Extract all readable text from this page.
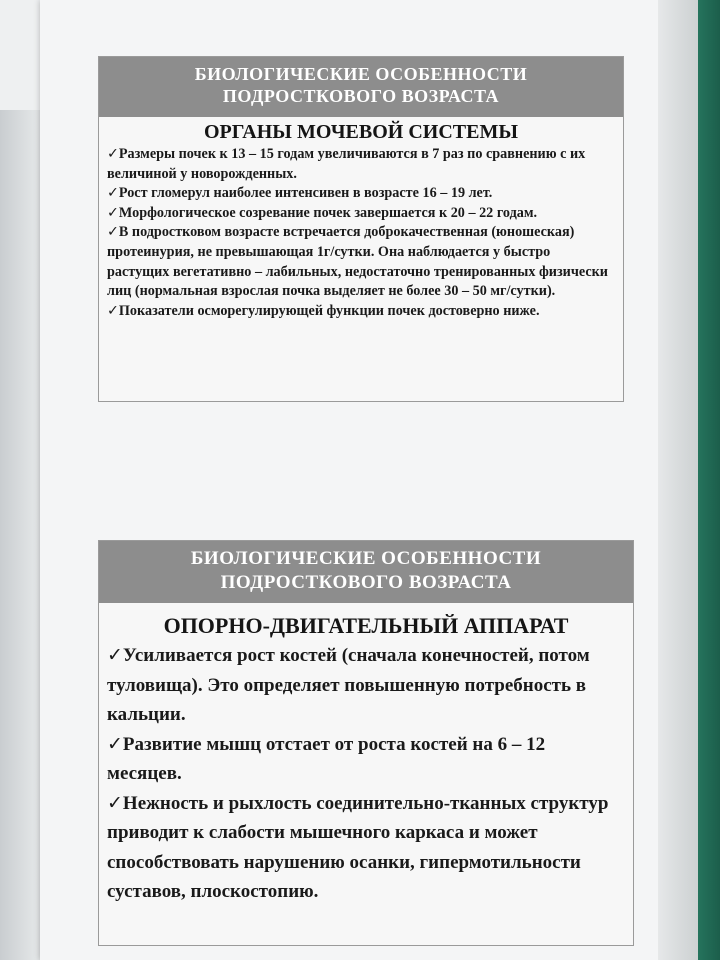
БИОЛОГИЧЕСКИЕ ОСОБЕННОСТИ
ПОДРОСТКОВОГО ВОЗРАСТА
ОРГАНЫ МОЧЕВОЙ СИСТЕМЫ
✓Размеры почек к 13 – 15 годам увеличиваются в 7 раз по сравнению с их величиной у новорожденных.
✓Рост гломерул наиболее интенсивен в возрасте 16 – 19 лет.
✓Морфологическое созревание почек завершается к 20 – 22 годам.
✓В подростковом возрасте встречается доброкачественная (юношеская) протеинурия, не превышающая 1г/сутки. Она наблюдается у быстро растущих вегетативно – лабильных, недостаточно тренированных физически лиц (нормальная взрослая почка выделяет не более 30 – 50 мг/сутки).
✓Показатели осморегулирующей функции почек достоверно ниже.
БИОЛОГИЧЕСКИЕ ОСОБЕННОСТИ
ПОДРОСТКОВОГО ВОЗРАСТА
ОПОРНО-ДВИГАТЕЛЬНЫЙ АППАРАТ
✓Усиливается рост костей (сначала конечностей, потом туловища). Это определяет повышенную потребность в кальции.
✓Развитие мышц отстает от роста костей на 6 – 12 месяцев.
✓Нежность и рыхлость соединительно-тканных структур приводит к слабости мышечного каркаса и может способствовать нарушению осанки, гипермотильности суставов, плоскостопию.
